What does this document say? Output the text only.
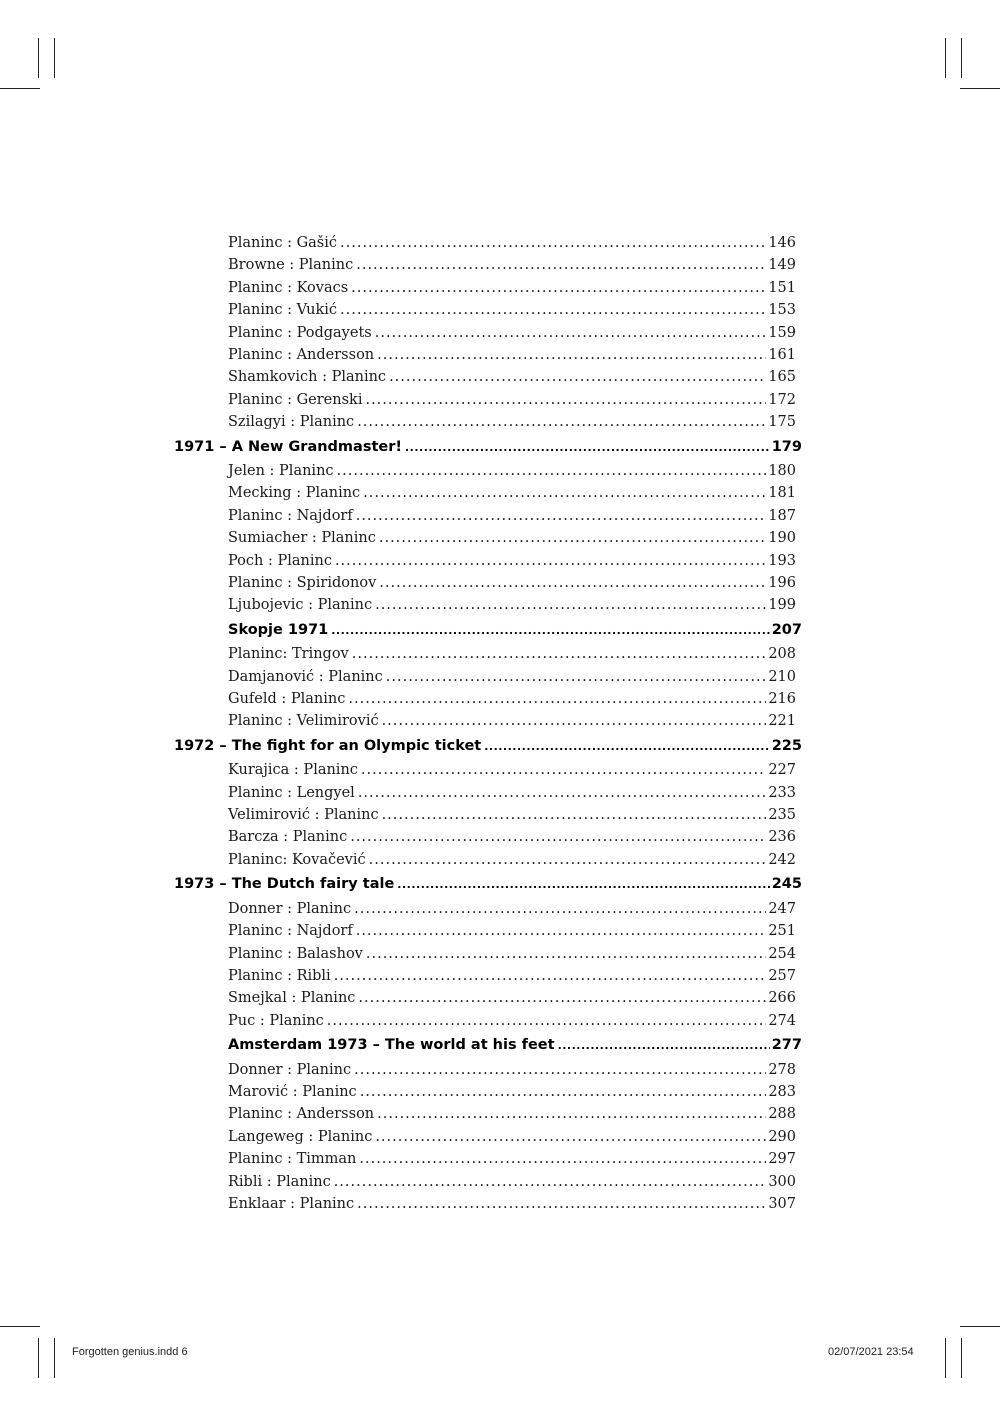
Planinc : Gašić .....	146
Browne : Planinc .....	149
Planinc : Kovacs .....	151
Planinc : Vukić .....	153
Planinc : Podgayets .....	159
Planinc : Andersson .....	161
Shamkovich : Planinc .....	165
Planinc : Gerenski .....	172
Szilagyi : Planinc .....	175
1971 – A New Grandmaster! .....	179
Jelen : Planinc .....	180
Mecking : Planinc .....	181
Planinc : Najdorf .....	187
Sumiacher : Planinc .....	190
Poch : Planinc .....	193
Planinc : Spiridonov .....	196
Ljubojevic : Planinc .....	199
Skopje 1971 .....	207
Planinc: Tringov .....	208
Damjanović : Planinc .....	210
Gufeld : Planinc .....	216
Planinc : Velimirović .....	221
1972 – The fight for an Olympic ticket .....	225
Kurajica : Planinc .....	227
Planinc : Lengyel .....	233
Velimirović : Planinc .....	235
Barcza : Planinc .....	236
Planinc: Kovačević .....	242
1973 – The Dutch fairy tale .....	245
Donner : Planinc .....	247
Planinc : Najdorf .....	251
Planinc : Balashov .....	254
Planinc : Ribli .....	257
Smejkal : Planinc .....	266
Puc : Planinc .....	274
Amsterdam 1973 – The world at his feet .....	277
Donner : Planinc .....	278
Marović : Planinc .....	283
Planinc : Andersson .....	288
Langeweg : Planinc .....	290
Planinc : Timman .....	297
Ribli : Planinc .....	300
Enklaar : Planinc .....	307
Forgotten genius.indd 6	02/07/2021 23:54
